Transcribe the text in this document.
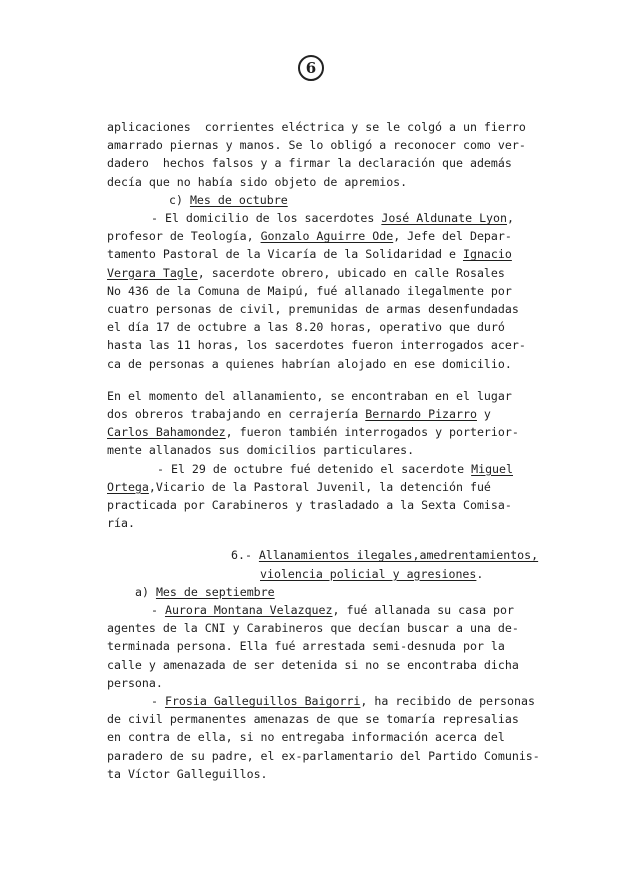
6
aplicaciones  corrientes eléctrica y se le colgó a un fierro
amarrado piernas y manos. Se lo obligó a reconocer como ver-
dadero  hechos falsos y a firmar la declaración que además
decía que no había sido objeto de apremios.
c) Mes de octubre
- El domicilio de los sacerdotes José Aldunate Lyon,
profesor de Teología, Gonzalo Aguirre Ode, Jefe del Depar-
tamento Pastoral de la Vicaría de la Solidaridad e Ignacio
Vergara Tagle, sacerdote obrero, ubicado en calle Rosales
No 436 de la Comuna de Maipú, fué allanado ilegalmente por
cuatro personas de civil, premunidas de armas desenfundadas
el día 17 de octubre a las 8.20 horas, operativo que duró
hasta las 11 horas, los sacerdotes fueron interrogados acer-
ca de personas a quienes habrían alojado en ese domicilio.
En el momento del allanamiento, se encontraban en el lugar
dos obreros trabajando en cerrajería Bernardo Pizarro y
Carlos Bahamondez, fueron también interrogados y porterior-
mente allanados sus domicilios particulares.
- El 29 de octubre fué detenido el sacerdote Miguel
Ortega,Vicario de la Pastoral Juvenil, la detención fué
practicada por Carabineros y trasladado a la Sexta Comisa-
ría.
6.- Allanamientos ilegales,amedrentamientos,
violencia policial y agresiones.
a) Mes de septiembre
- Aurora Montana Velazquez, fué allanada su casa por
agentes de la CNI y Carabineros que decían buscar a una de-
terminada persona. Ella fué arrestada semi-desnuda por la
calle y amenazada de ser detenida si no se encontraba dicha
persona.
- Frosia Galleguillos Baigorri, ha recibido de personas
de civil permanentes amenazas de que se tomaría represalias
en contra de ella, si no entregaba información acerca del
paradero de su padre, el ex-parlamentario del Partido Comunis-
ta Víctor Galleguillos.
